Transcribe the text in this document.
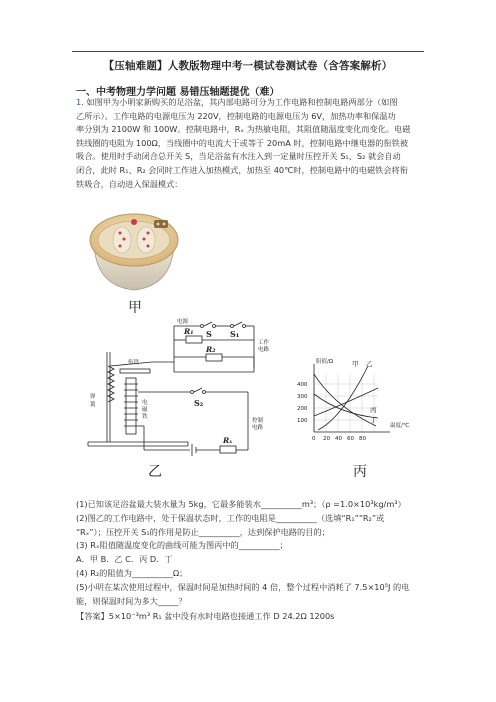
【压轴难题】人教版物理中考一模试卷测试卷（含答案解析）
一、中考物理力学问题 易错压轴题提优（难）
1. 如图甲为小明家新购买的足浴盆，其内部电路可分为工作电路和控制电路两部分（如图
乙所示）。工作电路的电源电压为 220V，控制电路的电源电压为 6V，加热功率和保温功
率分别为 2100W 和 100W。控制电路中，Rₓ 为热敏电阻，其阻值随温度变化而变化。电磁
铁线圈的电阻为 100Ω，当线圈中的电流大于或等于 20mA 时，控制电路中继电器的衔铁被
吸合。使用时手动闭合总开关 S，当足浴盆有水注入到一定量时压控开关 S₁、S₂ 就会自动
闭合，此时 R₁、R₂ 会同时工作进入加热模式，加热至 40℃时，控制电路中的电磁铁会将衔
铁吸合，自动进入保温模式：
甲
电源
S S₁
R₁
R₂
工作
电路
衔铁
弹
簧	电
磁
铁
S₂
控制
电路
Rₓ
乙
阻值/Ω
温度/℃
400
300
200
100
0 20 40 60 80
甲 乙
丙
丁
丙
(1)已知该足浴盆最大装水量为 5kg，它最多能装水__________m³；（ρ =1.0×10³kg/m³）
(2)图乙的工作电路中，处于保温状态时，工作的电阻是__________（选填“R₁”“R₂”或
“Rₓ”）；压控开关 S₁的作用是防止__________，达到保护电路的目的；
(3) Rₓ阻值随温度变化的曲线可能为图丙中的__________；
A．甲 B．乙 C．丙 D．丁
(4) R₂的阻值为__________Ω；
(5)小明在某次使用过程中，保温时间是加热时间的 4 倍，整个过程中消耗了 7.5×10⁵J 的电
能，则保温时间为多大_____？
【答案】5×10⁻³m³ R₁ 盆中没有水时电路也接通工作 D 24.2Ω 1200s
